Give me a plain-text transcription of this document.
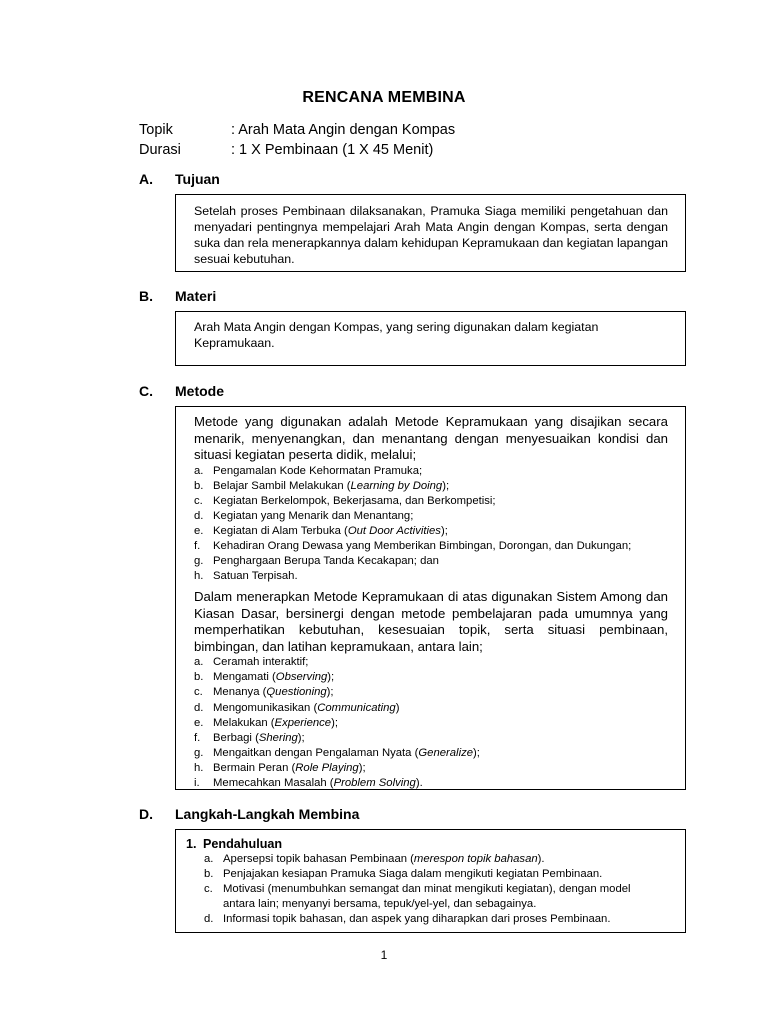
RENCANA MEMBINA
Topik	: Arah Mata Angin dengan Kompas
Durasi	: 1 X Pembinaan (1 X 45 Menit)
A. Tujuan
Setelah proses Pembinaan dilaksanakan, Pramuka Siaga memiliki pengetahuan dan menyadari pentingnya mempelajari Arah Mata Angin dengan Kompas, serta dengan suka dan rela menerapkannya dalam kehidupan Kepramukaan dan kegiatan lapangan sesuai kebutuhan.
B. Materi
Arah Mata Angin dengan Kompas, yang sering digunakan dalam kegiatan Kepramukaan.
C. Metode
Metode yang digunakan adalah Metode Kepramukaan yang disajikan secara menarik, menyenangkan, dan menantang dengan menyesuaikan kondisi dan situasi kegiatan peserta didik, melalui;
a. Pengamalan Kode Kehormatan Pramuka;
b. Belajar Sambil Melakukan (Learning by Doing);
c. Kegiatan Berkelompok, Bekerjasama, dan Berkompetisi;
d. Kegiatan yang Menarik dan Menantang;
e. Kegiatan di Alam Terbuka (Out Door Activities);
f. Kehadiran Orang Dewasa yang Memberikan Bimbingan, Dorongan, dan Dukungan;
g. Penghargaan Berupa Tanda Kecakapan; dan
h. Satuan Terpisah.
Dalam menerapkan Metode Kepramukaan di atas digunakan Sistem Among dan Kiasan Dasar, bersinergi dengan metode pembelajaran pada umumnya yang memperhatikan kebutuhan, kesesuaian topik, serta situasi pembinaan, bimbingan, dan latihan kepramukaan, antara lain;
a. Ceramah interaktif;
b. Mengamati (Observing);
c. Menanya (Questioning);
d. Mengomunikasikan (Communicating)
e. Melakukan (Experience);
f. Berbagi (Shering);
g. Mengaitkan dengan Pengalaman Nyata (Generalize);
h. Bermain Peran (Role Playing);
i. Memecahkan Masalah (Problem Solving).
D. Langkah-Langkah Membina
1. Pendahuluan
a. Apersepsi topik bahasan Pembinaan (merespon topik bahasan).
b. Penjajakan kesiapan Pramuka Siaga dalam mengikuti kegiatan Pembinaan.
c. Motivasi (menumbuhkan semangat dan minat mengikuti kegiatan), dengan model antara lain; menyanyi bersama, tepuk/yel-yel, dan sebagainya.
d. Informasi topik bahasan, dan aspek yang diharapkan dari proses Pembinaan.
1
